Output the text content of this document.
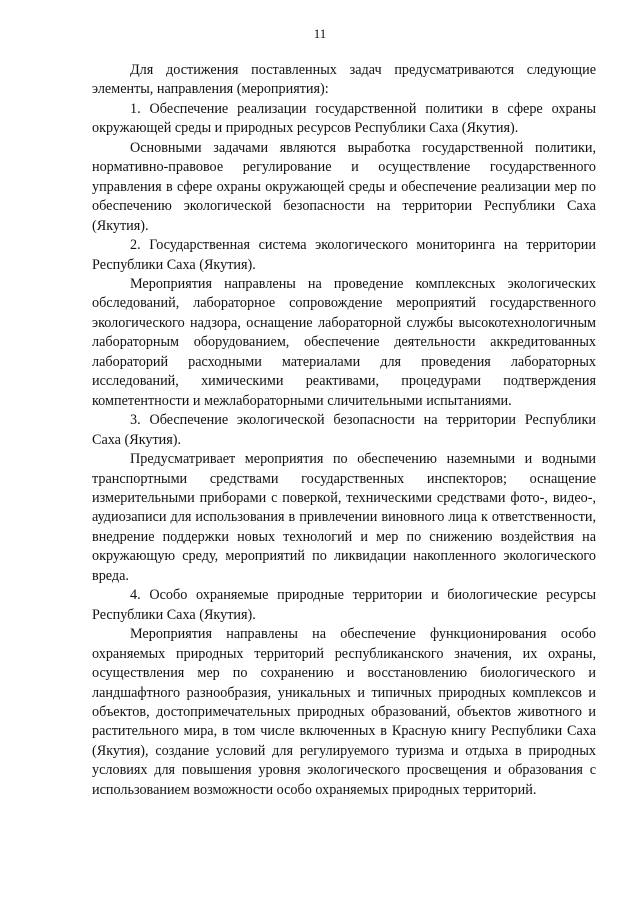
11

Для достижения поставленных задач предусматриваются следующие элементы, направления (мероприятия):

1. Обеспечение реализации государственной политики в сфере охраны окружающей среды и природных ресурсов Республики Саха (Якутия).

Основными задачами являются выработка государственной политики, нормативно-правовое регулирование и осуществление государственного управления в сфере охраны окружающей среды и обеспечение реализации мер по обеспечению экологической безопасности на территории Республики Саха (Якутия).

2. Государственная система экологического мониторинга на территории Республики Саха (Якутия).

Мероприятия направлены на проведение комплексных экологических обследований, лабораторное сопровождение мероприятий государственного экологического надзора, оснащение лабораторной службы высокотехнологичным лабораторным оборудованием, обеспечение деятельности аккредитованных лабораторий расходными материалами для проведения лабораторных исследований, химическими реактивами, процедурами подтверждения компетентности и межлабораторными сличительными испытаниями.

3. Обеспечение экологической безопасности на территории Республики Саха (Якутия).

Предусматривает мероприятия по обеспечению наземными и водными транспортными средствами государственных инспекторов; оснащение измерительными приборами с поверкой, техническими средствами фото-, видео-, аудиозаписи для использования в привлечении виновного лица к ответственности, внедрение поддержки новых технологий и мер по снижению воздействия на окружающую среду, мероприятий по ликвидации накопленного экологического вреда.

4. Особо охраняемые природные территории и биологические ресурсы Республики Саха (Якутия).

Мероприятия направлены на обеспечение функционирования особо охраняемых природных территорий республиканского значения, их охраны, осуществления мер по сохранению и восстановлению биологического и ландшафтного разнообразия, уникальных и типичных природных комплексов и объектов, достопримечательных природных образований, объектов животного и растительного мира, в том числе включенных в Красную книгу Республики Саха (Якутия), создание условий для регулируемого туризма и отдыха в природных условиях для повышения уровня экологического просвещения и образования с использованием возможности особо охраняемых природных территорий.
